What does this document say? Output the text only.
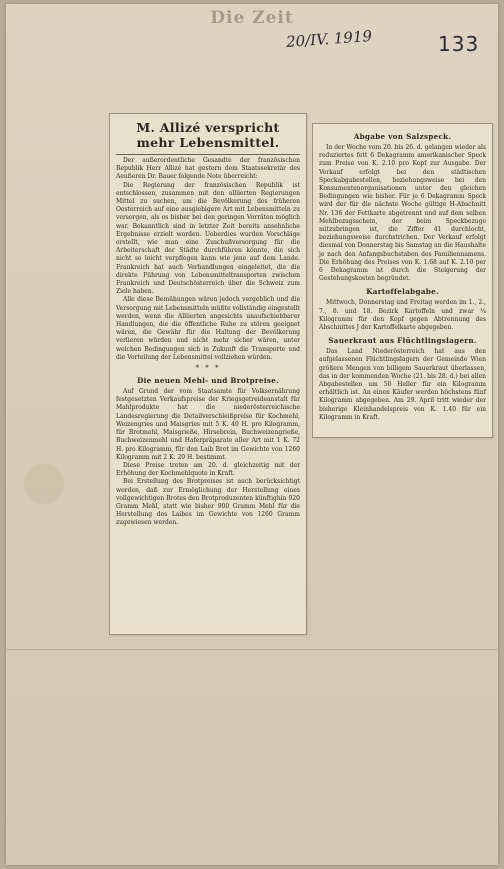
Die Zeit
20/IV. 1919	133
M. Allizé verspricht mehr Lebensmittel.

Der außerordentliche Gesandte der französischen Republik Herr Allizé hat gestern dem Staatssekretär des Aeußeren Dr. Bauer folgende Note überreicht:

Die Regierung der französischen Republik ist entschlossen, zusammen mit den alliierten Regierungen Mittel zu suchen, um die Bevölkerung des früheren Oesterreich auf eine ausgiebigere Art mit Lebensmitteln zu versorgen, als es bisher bei den geringen Vorräten möglich war. Bekanntlich sind in letzter Zeit bereits ansehnliche Ergebnisse erzielt worden. Ueberdies wurden Vorschläge erstellt, wie man eine Zuschußversorgung für die Arbeiterschaft der Städte durchführen könnte, die sich nicht so leicht verpflegen kann wie jene auf dem Lande. Frankreich hat auch Verhandlungen eingeleitet, die die direkte Führung von Lebensmitteltransporten zwischen Frankreich und Deutschösterreich über die Schweiz zum Ziele haben.

Alle diese Bemühungen wären jedoch vergeblich und die Versorgung mit Lebensmitteln müßte vollständig eingestellt werden, wenn die Alliierten angesichts unaufschiebbarer Handlungen, die die öffentliche Ruhe zu stören geeignet wären, die Gewähr für die Haltung der Bevölkerung verlieren würden und nicht mehr sicher wären, unter welchen Bedingungen sich in Zukunft die Transporte und die Verteilung der Lebensmittel vollziehen würden.

* * *
Die neuen Mehl- und Brotpreise.

Auf Grund der vom Staatsamte für Volksernährung festgesetzten Verkaufspreise der Kriegsgetreideanstalt für Mahlprodukte hat die niederösterreichische Landesregierung die Detailverschleißpreise für Kochmehl, Weizengries und Maisgries mit 5 K. 40 H. pro Kilogramm, für Brotmehl, Maisgrieße, Hirsebrein, Buchweizengrieße, Buchweizenmehl und Haferpräparate aller Art mit 1 K. 72 H. pro Kilogramm, für den Laib Brot im Gewichte von 1260 Kilogramm mit 2 K. 20 H. bestimmt.

Diese Preise treten am 20. d. gleichzeitig mit der Erhöhung der Kochmehlquote in Kraft.

Bei Erstellung des Brotpreises ist auch berücksichtigt worden, daß zur Ermöglichung der Herstellung eines vollgewichtigen Brotes den Brotproduzenten künftighin 920 Gramm Mehl, statt wie bisher 900 Gramm Mehl für die Herstellung des Laibes im Gewichte von 1260 Gramm zugewiesen werden.

Abgabe von Salzspeck.

In der Woche vom 20. bis 26. d. gelangen wieder als reduziertes fett 6 Dekagramm amerikanischer Speck zum Preise von K. 2.10 pro Kopf zur Ausgabe. Der Verkauf erfolgt bei den städtischen Speckabgabestellen, beziehungsweise bei den Konsumentenorganisationen unter den gleichen Bedingungen wie bisher. Für je 6 Dekagramm Speck wird der für die nächste Woche gültige H-Abschnitt Nr. 136 der Fettkarte abgetrennt und auf dem selben Mehlbezugsschein, der beim Speckbezuge mitzubringen ist, die Ziffer 41 durchlocht, beziehungsweise durchstrichen. Der Verkauf erfolgt diesmal von Donnerstag bis Samstag an die Haushalte je nach den Anfangsbuchstaben des Familiennamens. Die Erhöhung des Preises von K. 1.68 auf K. 2.10 per 6 Dekagramm ist durch die Steigerung der Gestehungskosten begründet.

Kartoffelabgabe.

Mittwoch, Donnerstag und Freitag werden im 1., 2., 7., 8. und 18. Bezirk Kartoffeln und zwar ¼ Kilogramm für den Kopf gegen Abtrennung des Abschnittes J der Kartoffelkarte abgegeben.

Sauerkraut aus Flüchtlingslagern.

Das Land Niederösterreich hat aus den aufgelassenen Flüchtlingslagern der Gemeinde Wien größere Mengen von billigem Sauerkraut überlassen, das in der kommenden Woche (21. bis 28. d.) bei allen Abgabestellen um 50 Heller für ein Kilogramm erhältlich ist. An einen Käufer werden höchstens fünf Kilogramm abgegeben. Am 29. April tritt wieder der bisherige Kleinhandelspreis von K. 1.40 für ein Kilogramm in Kraft.
